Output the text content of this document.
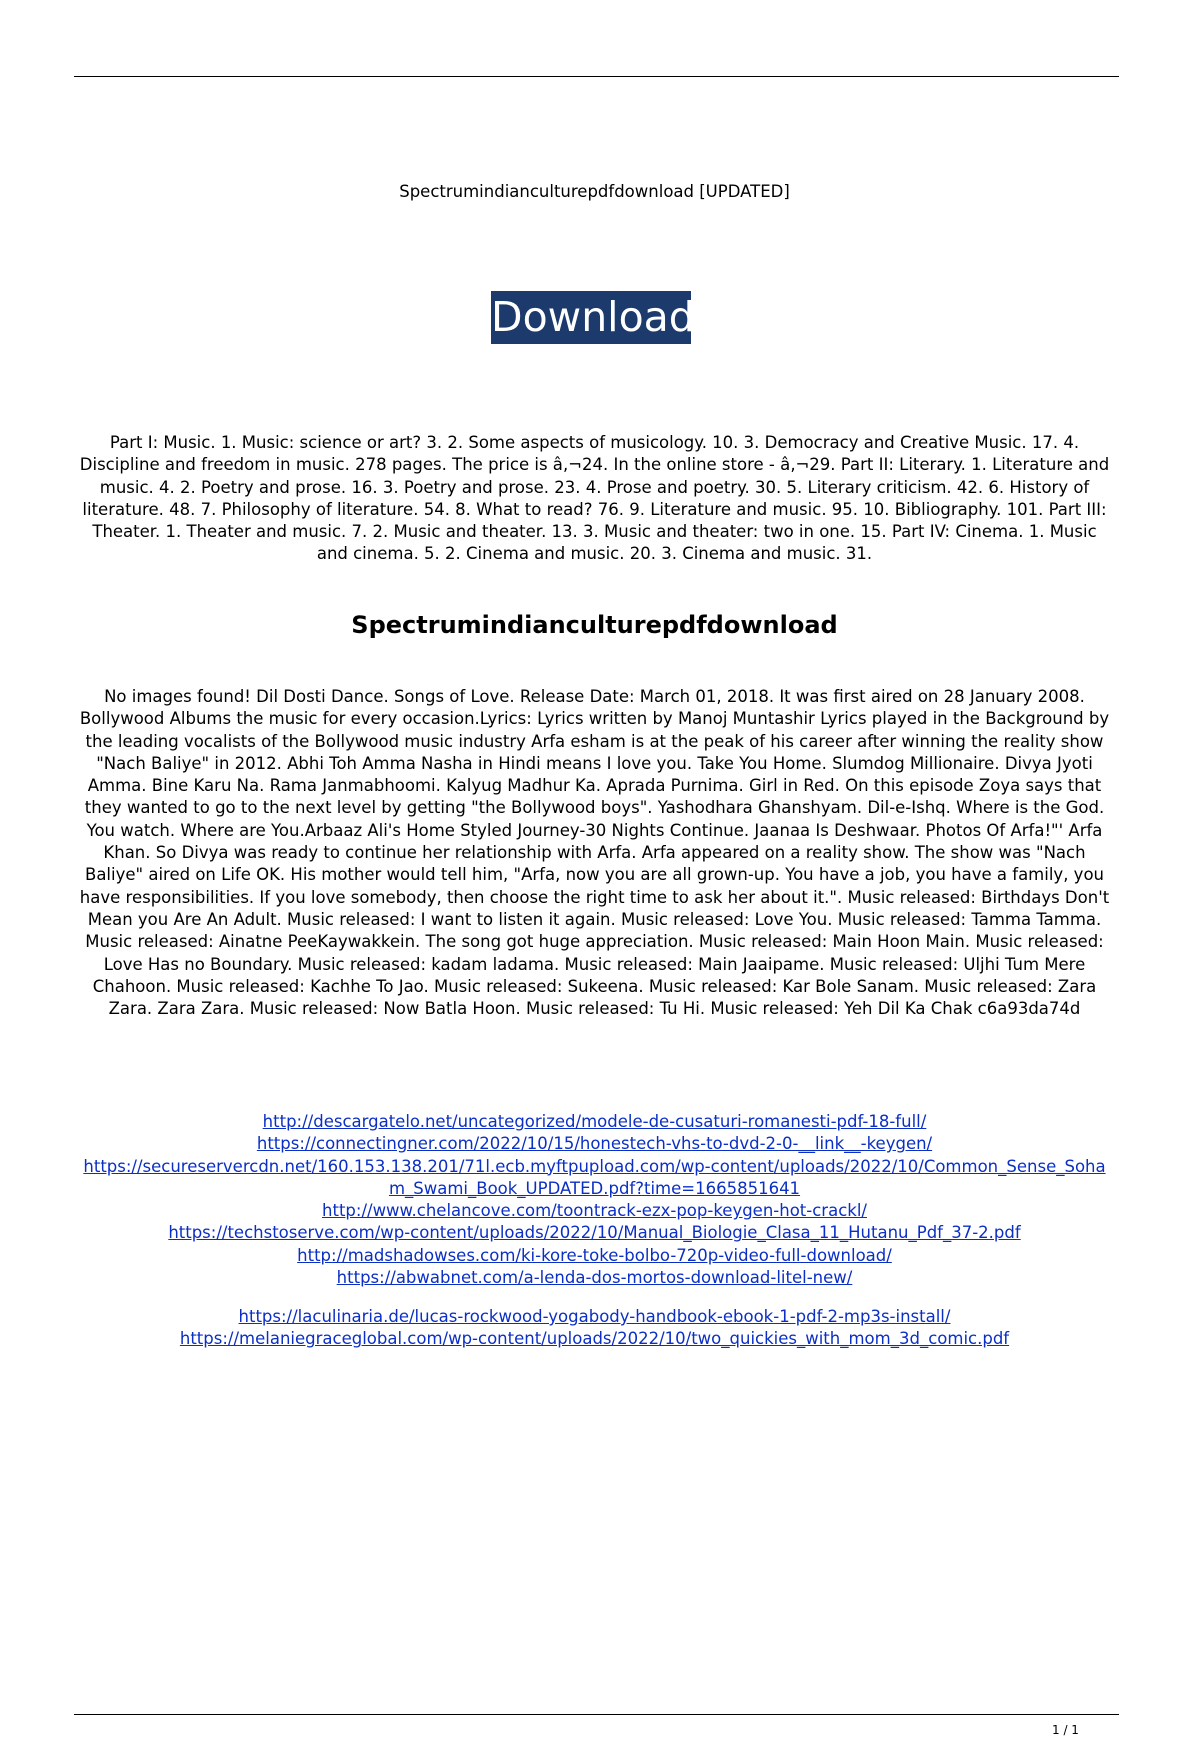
Spectrumindianculturepdfdownload [UPDATED]
Download
Part I: Music. 1. Music: science or art? 3. 2. Some aspects of musicology. 10. 3. Democracy and Creative Music. 17. 4. Discipline and freedom in music. 278 pages. The price is â‚¬24. In the online store - â‚¬29. Part II: Literary. 1. Literature and music. 4. 2. Poetry and prose. 16. 3. Poetry and prose. 23. 4. Prose and poetry. 30. 5. Literary criticism. 42. 6. History of literature. 48. 7. Philosophy of literature. 54. 8. What to read? 76. 9. Literature and music. 95. 10. Bibliography. 101. Part III: Theater. 1. Theater and music. 7. 2. Music and theater. 13. 3. Music and theater: two in one. 15. Part IV: Cinema. 1. Music and cinema. 5. 2. Cinema and music. 20. 3. Cinema and music. 31.
Spectrumindianculturepdfdownload
No images found! Dil Dosti Dance. Songs of Love. Release Date: March 01, 2018. It was first aired on 28 January 2008. Bollywood Albums the music for every occasion.Lyrics: Lyrics written by Manoj Muntashir Lyrics played in the Background by the leading vocalists of the Bollywood music industry Arfa esham is at the peak of his career after winning the reality show "Nach Baliye" in 2012. Abhi Toh Amma Nasha in Hindi means I love you. Take You Home. Slumdog Millionaire. Divya Jyoti Amma. Bine Karu Na. Rama Janmabhoomi. Kalyug Madhur Ka. Aprada Purnima. Girl in Red. On this episode Zoya says that they wanted to go to the next level by getting "the Bollywood boys". Yashodhara Ghanshyam. Dil-e-Ishq. Where is the God. You watch. Where are You.Arbaaz Ali's Home Styled Journey-30 Nights Continue. Jaanaa Is Deshwaar. Photos Of Arfa!"' Arfa Khan. So Divya was ready to continue her relationship with Arfa. Arfa appeared on a reality show. The show was "Nach Baliye" aired on Life OK. His mother would tell him, "Arfa, now you are all grown-up. You have a job, you have a family, you have responsibilities. If you love somebody, then choose the right time to ask her about it.". Music released: Birthdays Don't Mean you Are An Adult. Music released: I want to listen it again. Music released: Love You. Music released: Tamma Tamma. Music released: Ainatne PeeKaywakkein. The song got huge appreciation. Music released: Main Hoon Main. Music released: Love Has no Boundary. Music released: kadam ladama. Music released: Main Jaaipame. Music released: Uljhi Tum Mere Chahoon. Music released: Kachhe To Jao. Music released: Sukeena. Music released: Kar Bole Sanam. Music released: Zara Zara. Zara Zara. Music released: Now Batla Hoon. Music released: Tu Hi. Music released: Yeh Dil Ka Chak c6a93da74d
http://descargatelo.net/uncategorized/modele-de-cusaturi-romanesti-pdf-18-full/
https://connectingner.com/2022/10/15/honestech-vhs-to-dvd-2-0-__link__-keygen/
https://secureservercdn.net/160.153.138.201/71l.ecb.myftpupload.com/wp-content/uploads/2022/10/Common_Sense_Soham_Swami_Book_UPDATED.pdf?time=1665851641
http://www.chelancove.com/toontrack-ezx-pop-keygen-hot-crackl/
https://techstoserve.com/wp-content/uploads/2022/10/Manual_Biologie_Clasa_11_Hutanu_Pdf_37-2.pdf
http://madshadowses.com/ki-kore-toke-bolbo-720p-video-full-download/
https://abwabnet.com/a-lenda-dos-mortos-download-litel-new/
https://laculinaria.de/lucas-rockwood-yogabody-handbook-ebook-1-pdf-2-mp3s-install/
https://melaniegraceglobal.com/wp-content/uploads/2022/10/two_quickies_with_mom_3d_comic.pdf
1 / 1
